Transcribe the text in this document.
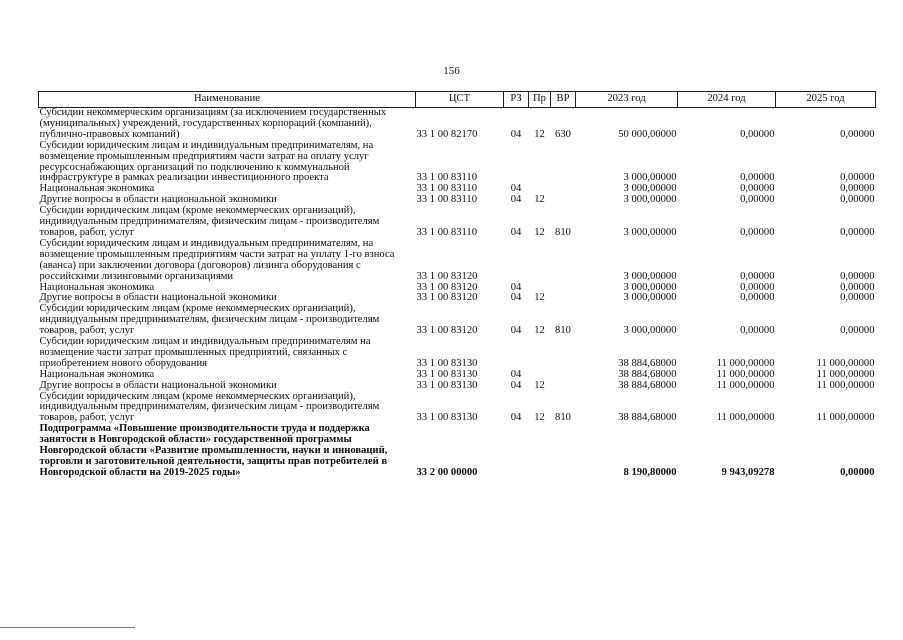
156
Наименование	ЦСТ	РЗ	Пр	ВР	2023 год	2024 год	2025 год
Субсидии некоммерческим организациям (за исключением государственных (муниципальных) учреждений, государственных корпораций (компаний), публично-правовых компаний)	33 1 00 82170	04	12	630	50 000,00000	0,00000	0,00000
Субсидии юридическим лицам и индивидуальным предпринимателям, на возмещение промышленным предприятиям части затрат на оплату услуг ресурсоснабжающих организаций по подключению к коммунальной инфраструктуре в рамках реализации инвестиционного проекта	33 1 00 83110				3 000,00000	0,00000	0,00000
Национальная экономика	33 1 00 83110	04			3 000,00000	0,00000	0,00000
Другие вопросы в области национальной экономики	33 1 00 83110	04	12		3 000,00000	0,00000	0,00000
Субсидии юридическим лицам (кроме некоммерческих организаций), индивидуальным предпринимателям, физическим лицам - производителям товаров, работ, услуг	33 1 00 83110	04	12	810	3 000,00000	0,00000	0,00000
Субсидии юридическим лицам и индивидуальным предпринимателям, на возмещение промышленным предприятиям части затрат на уплату 1-го взноса (аванса) при заключении договора (договоров) лизинга оборудования с российскими лизинговыми организациями	33 1 00 83120				3 000,00000	0,00000	0,00000
Национальная экономика	33 1 00 83120	04			3 000,00000	0,00000	0,00000
Другие вопросы в области национальной экономики	33 1 00 83120	04	12		3 000,00000	0,00000	0,00000
Субсидии юридическим лицам (кроме некоммерческих организаций), индивидуальным предпринимателям, физическим лицам - производителям товаров, работ, услуг	33 1 00 83120	04	12	810	3 000,00000	0,00000	0,00000
Субсидии юридическим лицам и индивидуальным предпринимателям на возмещение части затрат промышленных предприятий, связанных с приобретением нового оборудования	33 1 00 83130				38 884,68000	11 000,00000	11 000,00000
Национальная экономика	33 1 00 83130	04			38 884,68000	11 000,00000	11 000,00000
Другие вопросы в области национальной экономики	33 1 00 83130	04	12		38 884,68000	11 000,00000	11 000,00000
Субсидии юридическим лицам (кроме некоммерческих организаций), индивидуальным предпринимателям, физическим лицам - производителям товаров, работ, услуг	33 1 00 83130	04	12	810	38 884,68000	11 000,00000	11 000,00000
Подпрограмма «Повышение производительности труда и поддержка занятости в Новгородской области» государственной программы Новгородской области «Развитие промышленности, науки и инноваций, торговли и заготовительной деятельности, защиты прав потребителей в Новгородской области на 2019-2025 годы»	33 2 00 00000				8 190,80000	9 943,09278	0,00000
